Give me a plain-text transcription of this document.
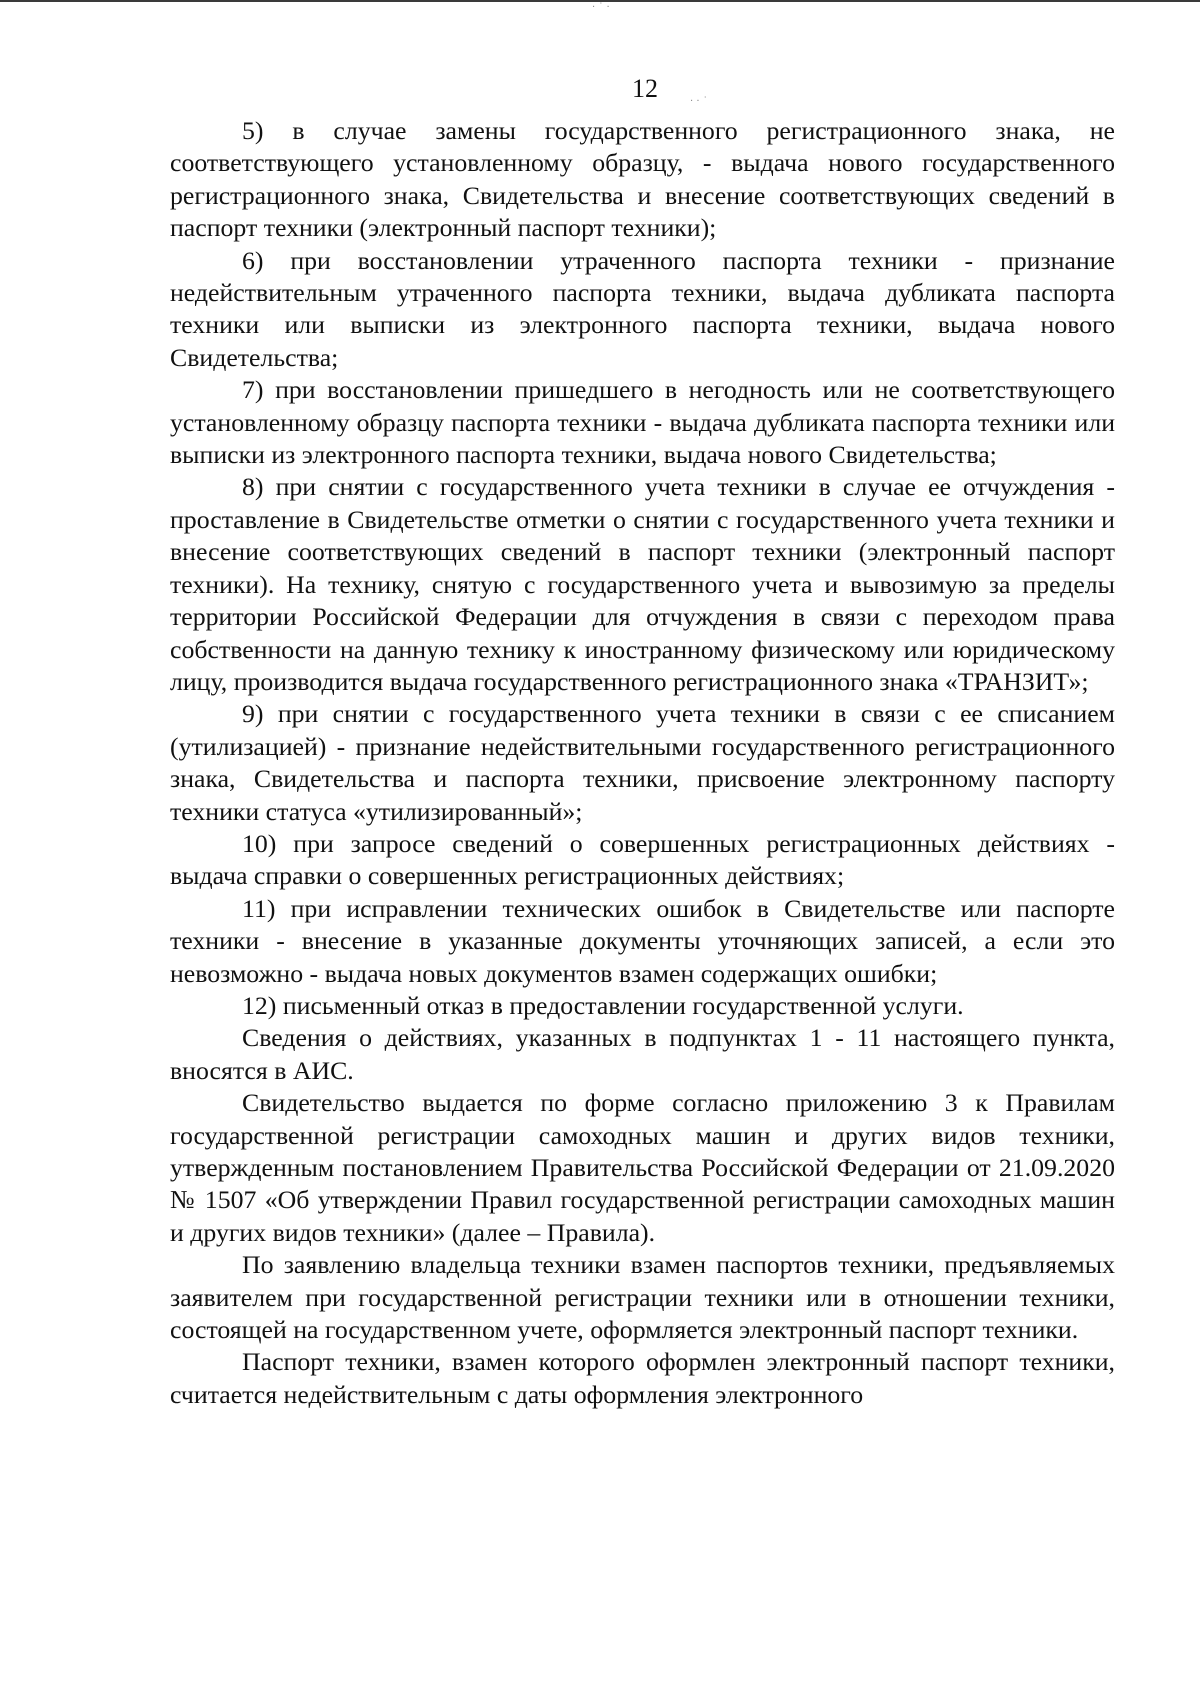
· ˙ ·
· · ˙
12

5) в случае замены государственного регистрационного знака, не соответствующего установленному образцу, - выдача нового государственного регистрационного знака, Свидетельства и внесение соответствующих сведений в паспорт техники (электронный паспорт техники);

6) при восстановлении утраченного паспорта техники - признание недействительным утраченного паспорта техники, выдача дубликата паспорта техники или выписки из электронного паспорта техники, выдача нового Свидетельства;

7) при восстановлении пришедшего в негодность или не соответствующего установленному образцу паспорта техники - выдача дубликата паспорта техники или выписки из электронного паспорта техники, выдача нового Свидетельства;

8) при снятии с государственного учета техники в случае ее отчуждения - проставление в Свидетельстве отметки о снятии с государственного учета техники и внесение соответствующих сведений в паспорт техники (электронный паспорт техники). На технику, снятую с государственного учета и вывозимую за пределы территории Российской Федерации для отчуждения в связи с переходом права собственности на данную технику к иностранному физическому или юридическому лицу, производится выдача государственного регистрационного знака «ТРАНЗИТ»;

9) при снятии с государственного учета техники в связи с ее списанием (утилизацией) - признание недействительными государственного регистрационного знака, Свидетельства и паспорта техники, присвоение электронному паспорту техники статуса «утилизированный»;

10) при запросе сведений о совершенных регистрационных действиях - выдача справки о совершенных регистрационных действиях;

11) при исправлении технических ошибок в Свидетельстве или паспорте техники - внесение в указанные документы уточняющих записей, а если это невозможно - выдача новых документов взамен содержащих ошибки;

12) письменный отказ в предоставлении государственной услуги.

Сведения о действиях, указанных в подпунктах 1 - 11 настоящего пункта, вносятся в АИС.

Свидетельство выдается по форме согласно приложению 3 к Правилам государственной регистрации самоходных машин и других видов техники, утвержденным постановлением Правительства Российской Федерации от 21.09.2020 № 1507 «Об утверждении Правил государственной регистрации самоходных машин и других видов техники» (далее – Правила).

По заявлению владельца техники взамен паспортов техники, предъявляемых заявителем при государственной регистрации техники или в отношении техники, состоящей на государственном учете, оформляется электронный паспорт техники.

Паспорт техники, взамен которого оформлен электронный паспорт техники, считается недействительным с даты оформления электронного
